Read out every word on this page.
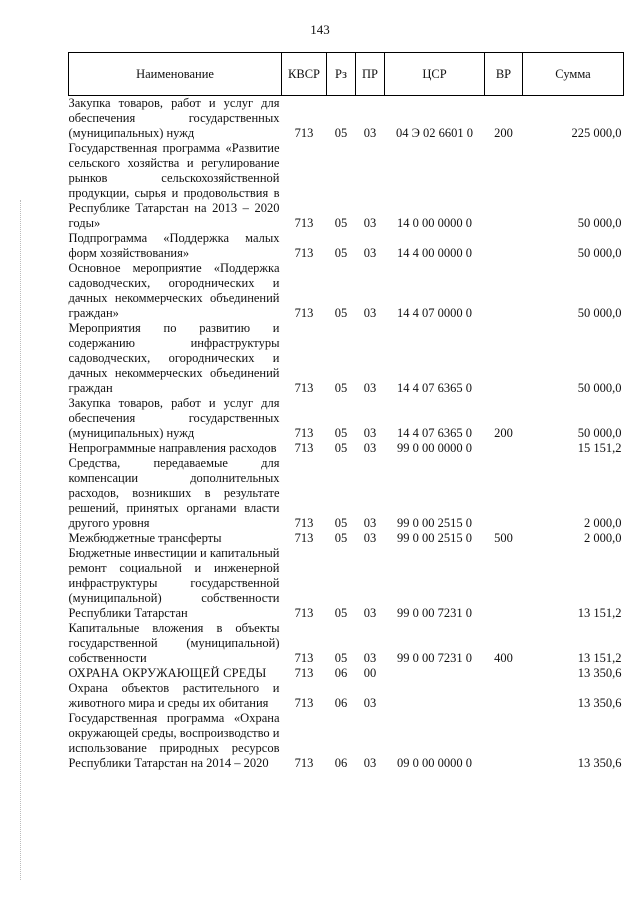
143
Наименование	КВСР	Рз	ПР	ЦСР	ВР	Сумма
Закупка товаров, работ и услуг для обеспечения государственных (муниципальных) нужд	713	05	03	04 Э 02 6601 0	200	225 000,0
Государственная программа «Развитие сельского хозяйства и регулирование рынков сельскохозяйственной продукции, сырья и продовольствия в Республике Татарстан на 2013 – 2020 годы»	713	05	03	14 0 00 0000 0		50 000,0
Подпрограмма «Поддержка малых форм хозяйствования»	713	05	03	14 4 00 0000 0		50 000,0
Основное мероприятие «Поддержка садоводческих, огороднических и дачных некоммерческих объединений граждан»	713	05	03	14 4 07 0000 0		50 000,0
Мероприятия по развитию и содержанию инфраструктуры садоводческих, огороднических и дачных некоммерческих объединений граждан	713	05	03	14 4 07 6365 0		50 000,0
Закупка товаров, работ и услуг для обеспечения государственных (муниципальных) нужд	713	05	03	14 4 07 6365 0	200	50 000,0
Непрограммные направления расходов	713	05	03	99 0 00 0000 0		15 151,2
Средства, передаваемые для компенсации дополнительных расходов, возникших в результате решений, принятых органами власти другого уровня	713	05	03	99 0 00 2515 0		2 000,0
Межбюджетные трансферты	713	05	03	99 0 00 2515 0	500	2 000,0
Бюджетные инвестиции и капитальный ремонт социальной и инженерной инфраструктуры государственной (муниципальной) собственности Республики Татарстан	713	05	03	99 0 00 7231 0		13 151,2
Капитальные вложения в объекты государственной (муниципальной) собственности	713	05	03	99 0 00 7231 0	400	13 151,2
ОХРАНА ОКРУЖАЮЩЕЙ СРЕДЫ	713	06	00			13 350,6
Охрана объектов растительного и животного мира и среды их обитания	713	06	03			13 350,6
Государственная программа «Охрана окружающей среды, воспроизводство и использование природных ресурсов Республики Татарстан на 2014 – 2020	713	06	03	09 0 00 0000 0		13 350,6
